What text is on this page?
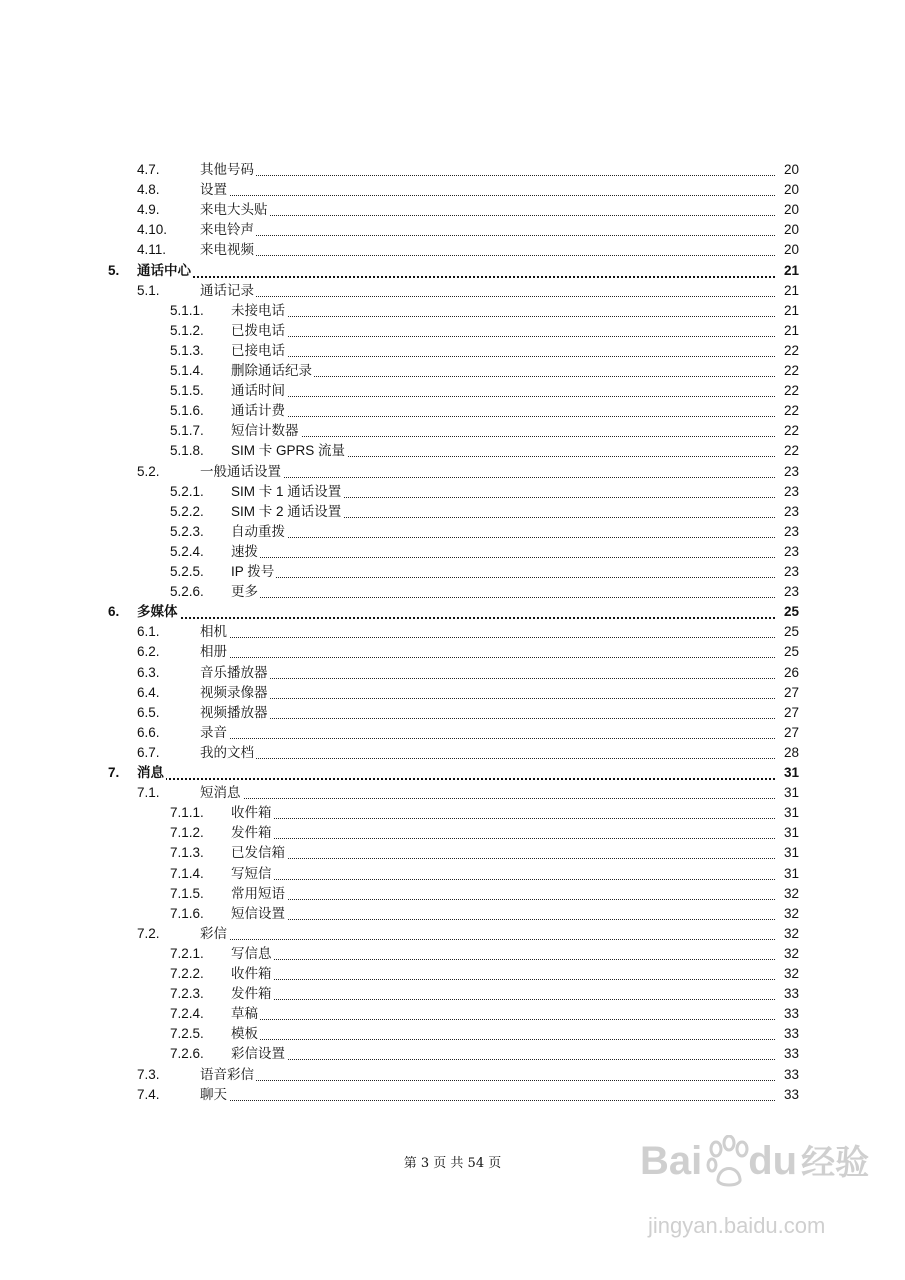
4.7.	其他号码	20
4.8.	设置	20
4.9.	来电大头贴	20
4.10. 来电铃声	20
4.11.	来电视频	20
5. 通话中心	21
5.1.	通话记录	21
5.1.1. 未接电话	21
5.1.2. 已拨电话	21
5.1.3. 已接电话	22
5.1.4. 删除通话纪录	22
5.1.5. 通话时间	22
5.1.6. 通话计费	22
5.1.7. 短信计数器	22
5.1.8. SIM 卡 GPRS 流量	22
5.2.	一般通话设置	23
5.2.1. SIM 卡 1 通话设置	23
5.2.2. SIM 卡 2 通话设置	23
5.2.3. 自动重拨	23
5.2.4. 速拨	23
5.2.5. IP 拨号	23
5.2.6. 更多	23
6. 多媒体	25
6.1.	相机	25
6.2.	相册	25
6.3.	音乐播放器	26
6.4.	视频录像器	27
6.5.	视频播放器	27
6.6.	录音	27
6.7.	我的文档	28
7. 消息	31
7.1.	短消息	31
7.1.1. 收件箱	31
7.1.2. 发件箱	31
7.1.3. 已发信箱	31
7.1.4. 写短信	31
7.1.5. 常用短语	32
7.1.6. 短信设置	32
7.2.	彩信	32
7.2.1. 写信息	32
7.2.2. 收件箱	32
7.2.3. 发件箱	33
7.2.4. 草稿	33
7.2.5. 模板	33
7.2.6. 彩信设置	33
7.3.	语音彩信	33
7.4.	聊天	33
第 3 页 共 54 页	Bai du 经验
jingyan.baidu.com
